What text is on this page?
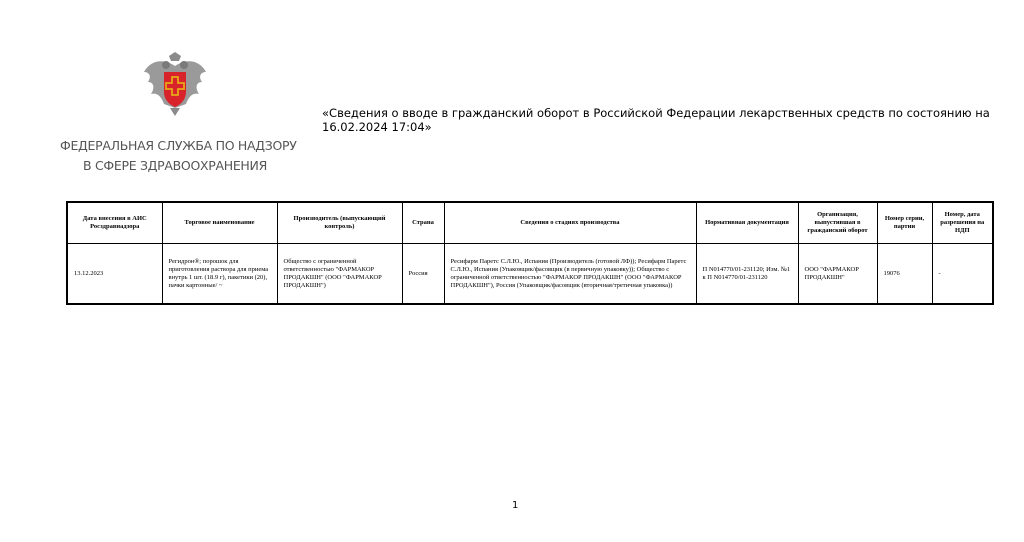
ФЕДЕРАЛЬНАЯ СЛУЖБА ПО НАДЗОРУ
В СФЕРЕ ЗДРАВООХРАНЕНИЯ
«Сведения о вводе в гражданский оборот в Российской Федерации лекарственных средств по состоянию на 16.02.2024 17:04»
Дата внесения в АИС Росздравнадзора	Торговое наименование	Производитель (выпускающий контроль)	Страна	Сведения о стадиях производства	Нормативная документация	Организация, выпустившая в гражданский оборот	Номер серии, партии	Номер, дата разрешения на НДП
13.12.2023	Регидрон®; порошок для приготовления раствора для приема внутрь 1 шт. (18.9 г), пакетики (20), пачки картонные/ ~	Общество с ограниченной ответственностью "ФАРМАКОР ПРОДАКШН" (ООО "ФАРМАКОР ПРОДАКШН")	Россия	Ресифарм Паретс С.Л.Ю., Испания (Производитель (готовой ЛФ)); Ресифарм Паретс С.Л.Ю., Испания (Упаковщик/фасовщик (в первичную упаковку)); Общество с ограниченной ответственностью "ФАРМАКОР ПРОДАКШН" (ООО "ФАРМАКОР ПРОДАКШН"), Россия (Упаковщик/фасовщик (вторичная/третичная упаковка))	П N014770/01-231120; Изм. №1 к П N014770/01-231120	ООО "ФАРМАКОР ПРОДАКШН"	19076	-
1
